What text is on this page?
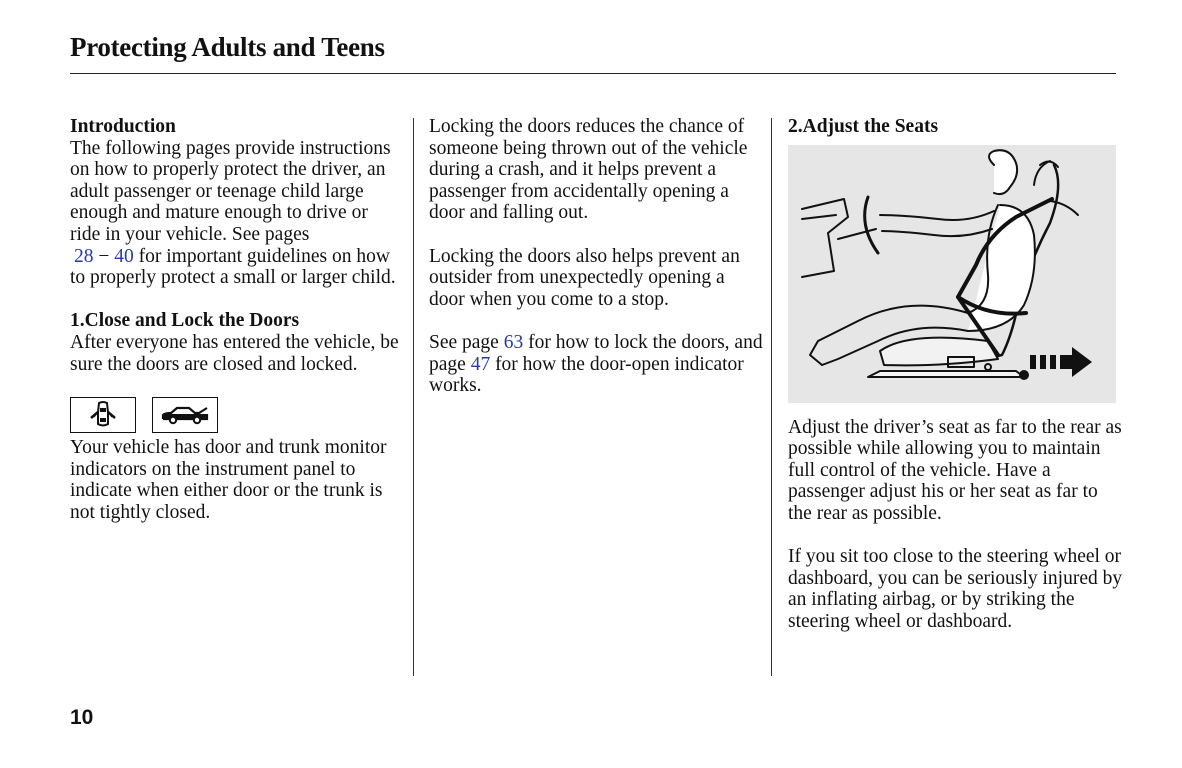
Protecting Adults and Teens

Introduction

The following pages provide instructions on how to properly protect the driver, an adult passenger or teenage child large enough and mature enough to drive or ride in your vehicle. See pages
28 − 40 for important guidelines on how to properly protect a small or larger child.

1.Close and Lock the Doors

After everyone has entered the vehicle, be sure the doors are closed and locked.

Your vehicle has door and trunk monitor indicators on the instrument panel to indicate when either door or the trunk is not tightly closed.

Locking the doors reduces the chance of someone being thrown out of the vehicle during a crash, and it helps prevent a passenger from accidentally opening a door and falling out.

Locking the doors also helps prevent an outsider from unexpectedly opening a door when you come to a stop.

See page 63 for how to lock the doors, and page 47 for how the door-open indicator works.

2.Adjust the Seats

Adjust the driver’s seat as far to the rear as possible while allowing you to maintain full control of the vehicle. Have a passenger adjust his or her seat as far to the rear as possible.

If you sit too close to the steering wheel or dashboard, you can be seriously injured by an inflating airbag, or by striking the steering wheel or dashboard.

10
